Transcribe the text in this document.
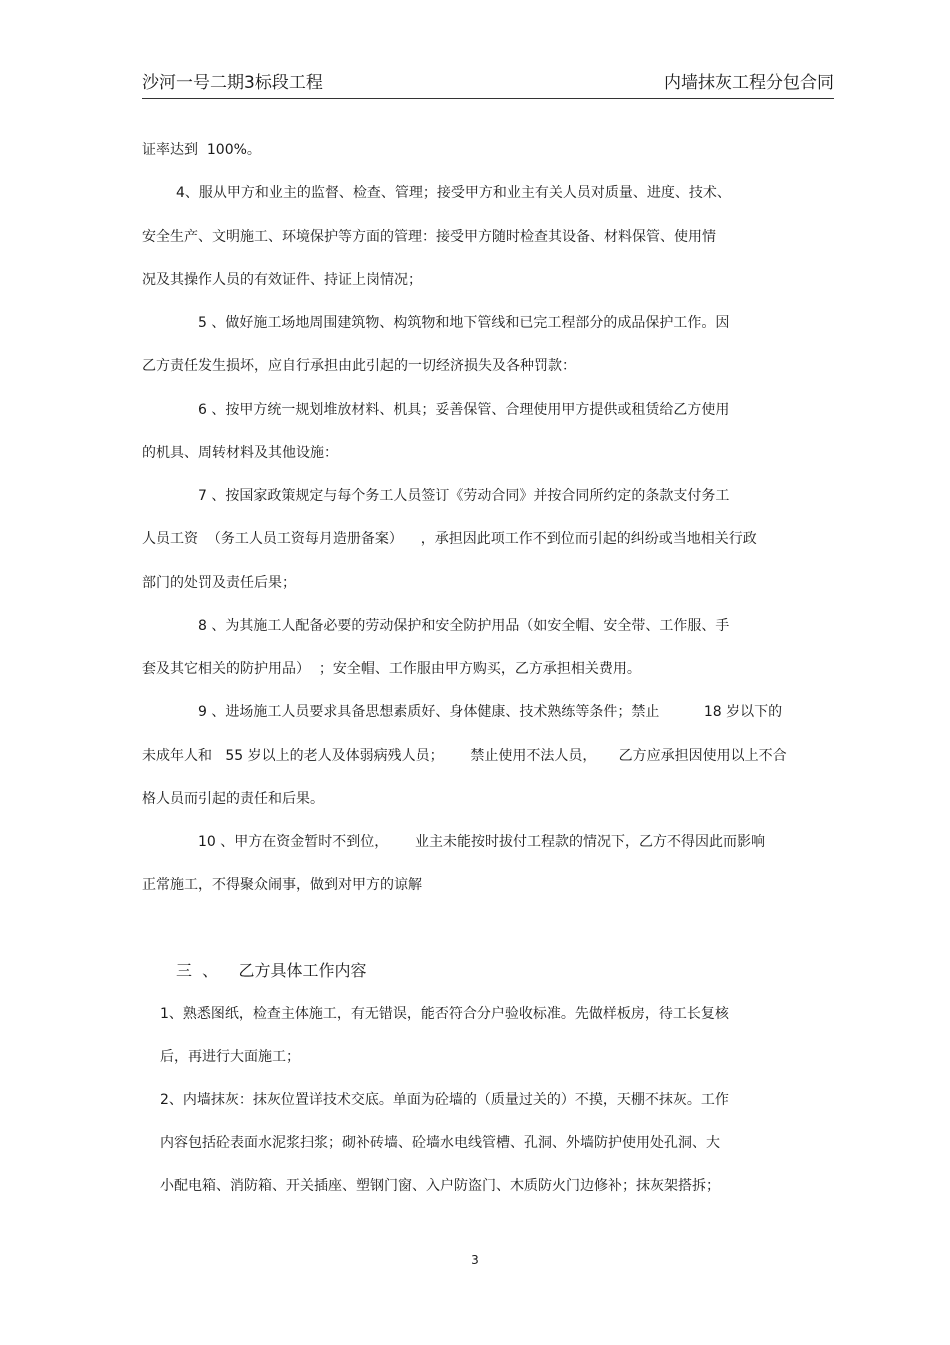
沙河一号二期3标段工程	内墙抹灰工程分包合同
证率达到  100%。
4、服从甲方和业主的监督、检查、管理；接受甲方和业主有关人员对质量、进度、技术、
安全生产、文明施工、环境保护等方面的管理：接受甲方随时检查其设备、材料保管、使用情
况及其操作人员的有效证件、持证上岗情况；
5 、做好施工场地周围建筑物、构筑物和地下管线和已完工程部分的成品保护工作。因
乙方责任发生损坏，应自行承担由此引起的一切经济损失及各种罚款：
6 、按甲方统一规划堆放材料、机具；妥善保管、合理使用甲方提供或租赁给乙方使用
的机具、周转材料及其他设施：
7 、按国家政策规定与每个务工人员签订《劳动合同》并按合同所约定的条款支付务工
人员工资  （务工人员工资每月造册备案）    ，承担因此项工作不到位而引起的纠纷或当地相关行政
部门的处罚及责任后果；
8 、为其施工人配备必要的劳动保护和安全防护用品（如安全帽、安全带、工作服、手
套及其它相关的防护用品）  ；安全帽、工作服由甲方购买，乙方承担相关费用。
9 、进场施工人员要求具备思想素质好、身体健康、技术熟练等条件；禁止          18 岁以下的
未成年人和   55 岁以上的老人及体弱病残人员；      禁止使用不法人员，     乙方应承担因使用以上不合
格人员而引起的责任和后果。
10 、甲方在资金暂时不到位，      业主未能按时拔付工程款的情况下，乙方不得因此而影响
正常施工，不得聚众闹事，做到对甲方的谅解
三  、    乙方具体工作内容
1、熟悉图纸，检查主体施工，有无错误，能否符合分户验收标准。先做样板房，待工长复核
后，再进行大面施工；
2、内墙抹灰：抹灰位置详技术交底。单面为砼墙的（质量过关的）不摸，天棚不抹灰。工作
内容包括砼表面水泥浆扫浆；砌补砖墙、砼墙水电线管槽、孔洞、外墙防护使用处孔洞、大
小配电箱、消防箱、开关插座、塑钢门窗、入户防盗门、木质防火门边修补；抹灰架搭拆；
3
